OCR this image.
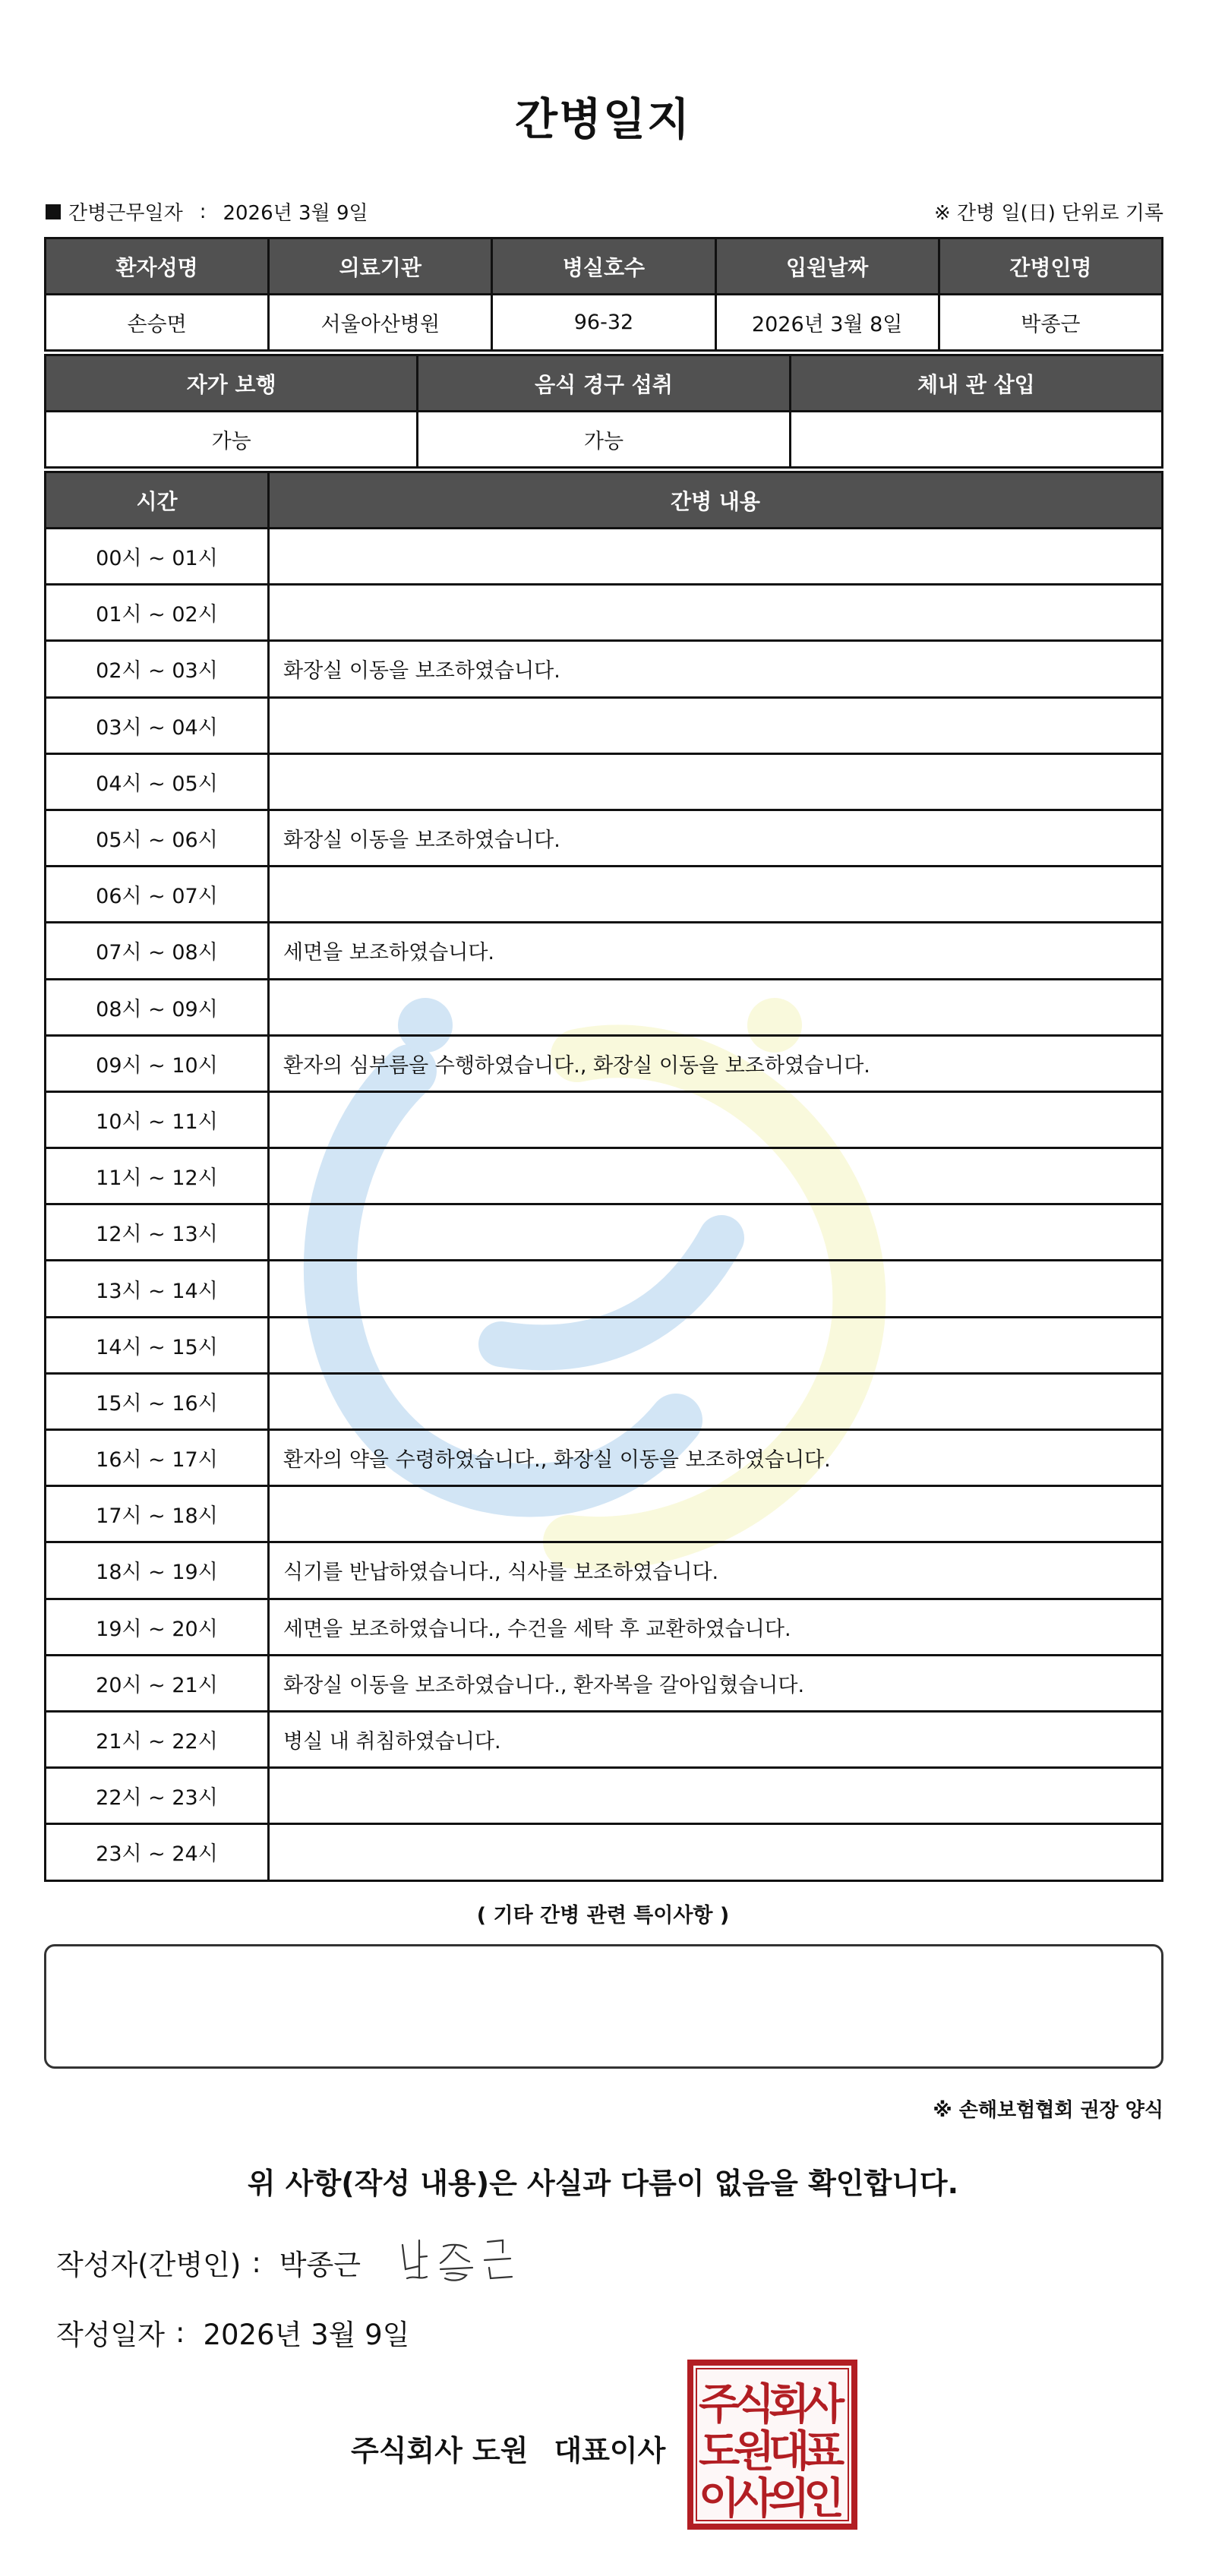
간병일지
간병근무일자 : 2026년 3월 9일	※ 간병 일(日) 단위로 기록
환자성명	의료기관	병실호수	입원날짜	간병인명
손승면	서울아산병원	96-32	2026년 3월 8일	박종근
자가 보행	음식 경구 섭취	체내 관 삽입
가능	가능	
시간	간병 내용
00시 ~ 01시	
01시 ~ 02시	
02시 ~ 03시	화장실 이동을 보조하였습니다.
03시 ~ 04시	
04시 ~ 05시	
05시 ~ 06시	화장실 이동을 보조하였습니다.
06시 ~ 07시	
07시 ~ 08시	세면을 보조하였습니다.
08시 ~ 09시	
09시 ~ 10시	환자의 심부름을 수행하였습니다., 화장실 이동을 보조하였습니다.
10시 ~ 11시	
11시 ~ 12시	
12시 ~ 13시	
13시 ~ 14시	
14시 ~ 15시	
15시 ~ 16시	
16시 ~ 17시	환자의 약을 수령하였습니다., 화장실 이동을 보조하였습니다.
17시 ~ 18시	
18시 ~ 19시	식기를 반납하였습니다., 식사를 보조하였습니다.
19시 ~ 20시	세면을 보조하였습니다., 수건을 세탁 후 교환하였습니다.
20시 ~ 21시	화장실 이동을 보조하였습니다., 환자복을 갈아입혔습니다.
21시 ~ 22시	병실 내 취침하였습니다.
22시 ~ 23시	
23시 ~ 24시	
( 기타 간병 관련 특이사항 )
※ 손해보험협회 권장 양식
위 사항(작성 내용)은 사실과 다름이 없음을 확인합니다.
작성자(간병인) : 박종근
작성일자 : 2026년 3월 9일
주식회사 도원 대표이사
주
식
회
사
도
원
대
표
이
사
의
인
